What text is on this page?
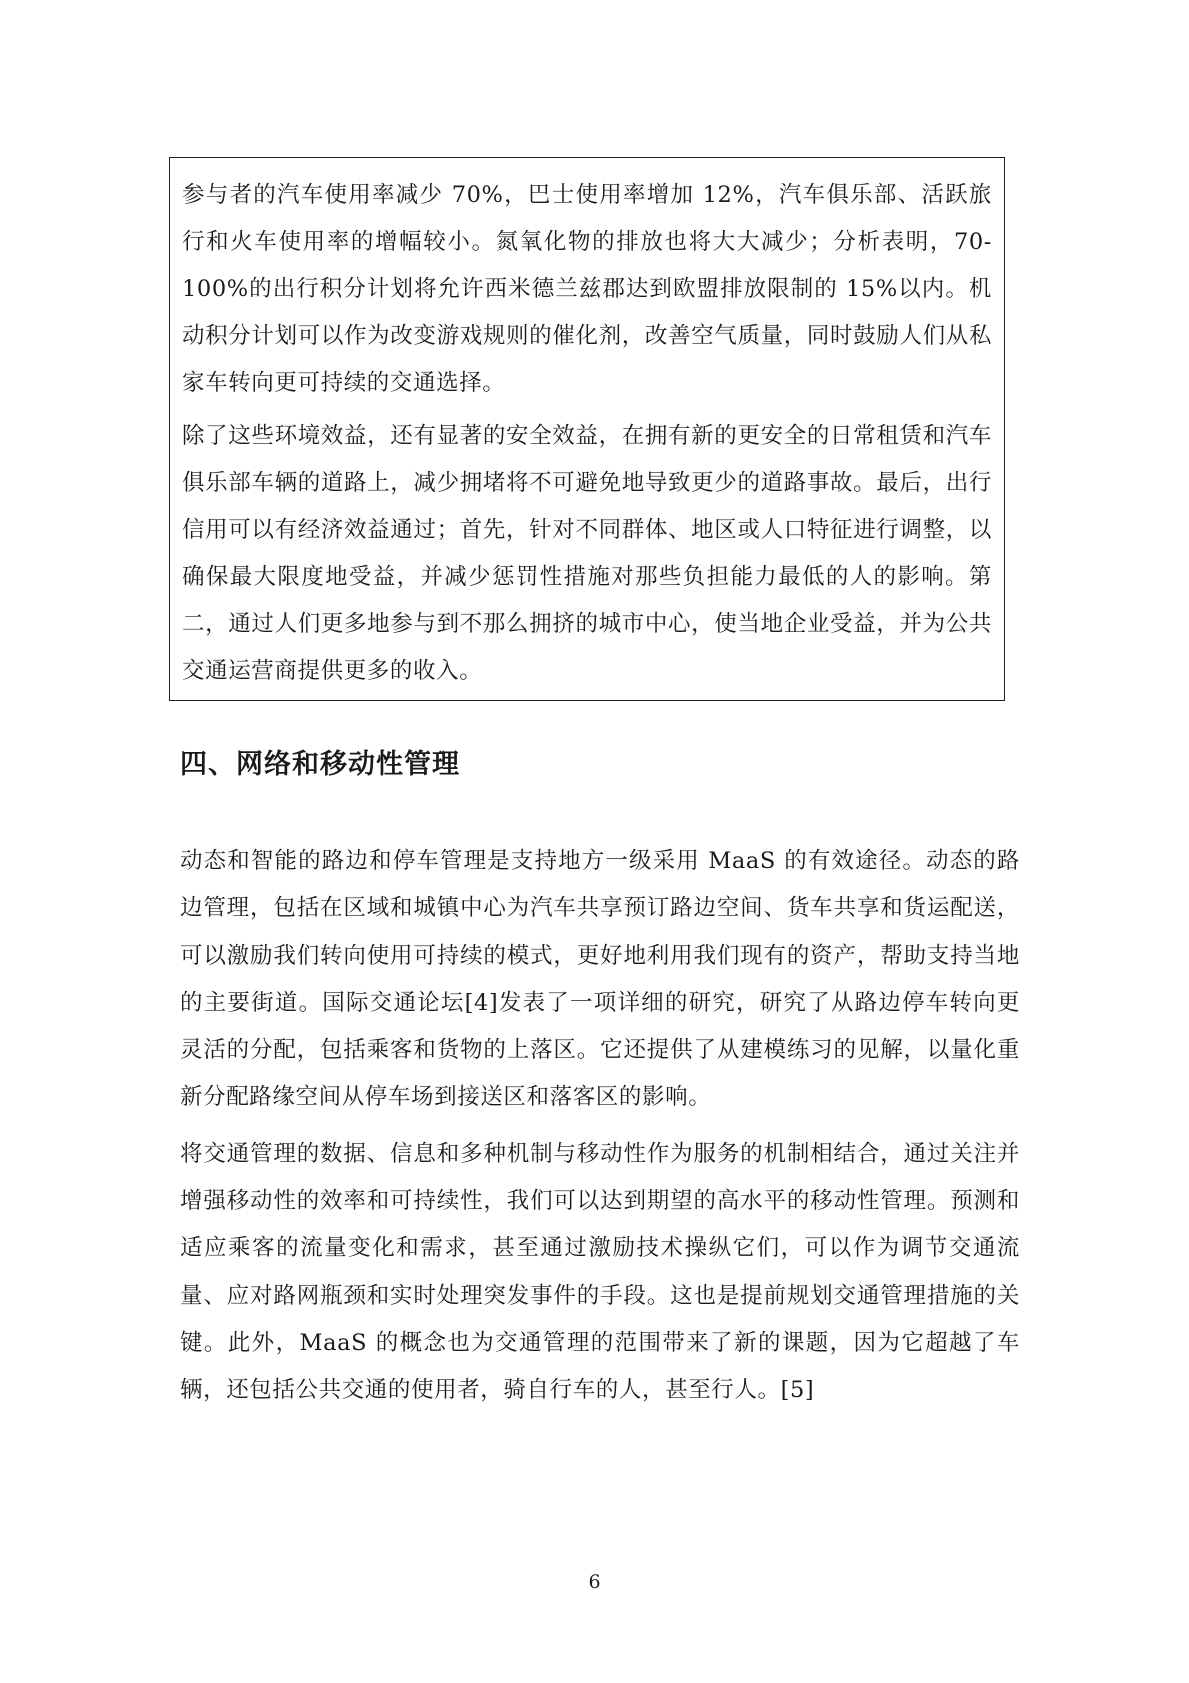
参与者的汽车使用率减少 70%，巴士使用率增加 12%，汽车俱乐部、活跃旅行和火车使用率的增幅较小。氮氧化物的排放也将大大减少；分析表明，70-100%的出行积分计划将允许西米德兰兹郡达到欧盟排放限制的 15%以内。机动积分计划可以作为改变游戏规则的催化剂，改善空气质量，同时鼓励人们从私家车转向更可持续的交通选择。

除了这些环境效益，还有显著的安全效益，在拥有新的更安全的日常租赁和汽车俱乐部车辆的道路上，减少拥堵将不可避免地导致更少的道路事故。最后，出行信用可以有经济效益通过；首先，针对不同群体、地区或人口特征进行调整，以确保最大限度地受益，并减少惩罚性措施对那些负担能力最低的人的影响。第二，通过人们更多地参与到不那么拥挤的城市中心，使当地企业受益，并为公共交通运营商提供更多的收入。

四、网络和移动性管理

动态和智能的路边和停车管理是支持地方一级采用 MaaS 的有效途径。动态的路边管理，包括在区域和城镇中心为汽车共享预订路边空间、货车共享和货运配送，可以激励我们转向使用可持续的模式，更好地利用我们现有的资产，帮助支持当地的主要街道。国际交通论坛[4]发表了一项详细的研究，研究了从路边停车转向更灵活的分配，包括乘客和货物的上落区。它还提供了从建模练习的见解，以量化重新分配路缘空间从停车场到接送区和落客区的影响。

将交通管理的数据、信息和多种机制与移动性作为服务的机制相结合，通过关注并增强移动性的效率和可持续性，我们可以达到期望的高水平的移动性管理。预测和适应乘客的流量变化和需求，甚至通过激励技术操纵它们，可以作为调节交通流量、应对路网瓶颈和实时处理突发事件的手段。这也是提前规划交通管理措施的关键。此外，MaaS 的概念也为交通管理的范围带来了新的课题，因为它超越了车辆，还包括公共交通的使用者，骑自行车的人，甚至行人。[5]

6
